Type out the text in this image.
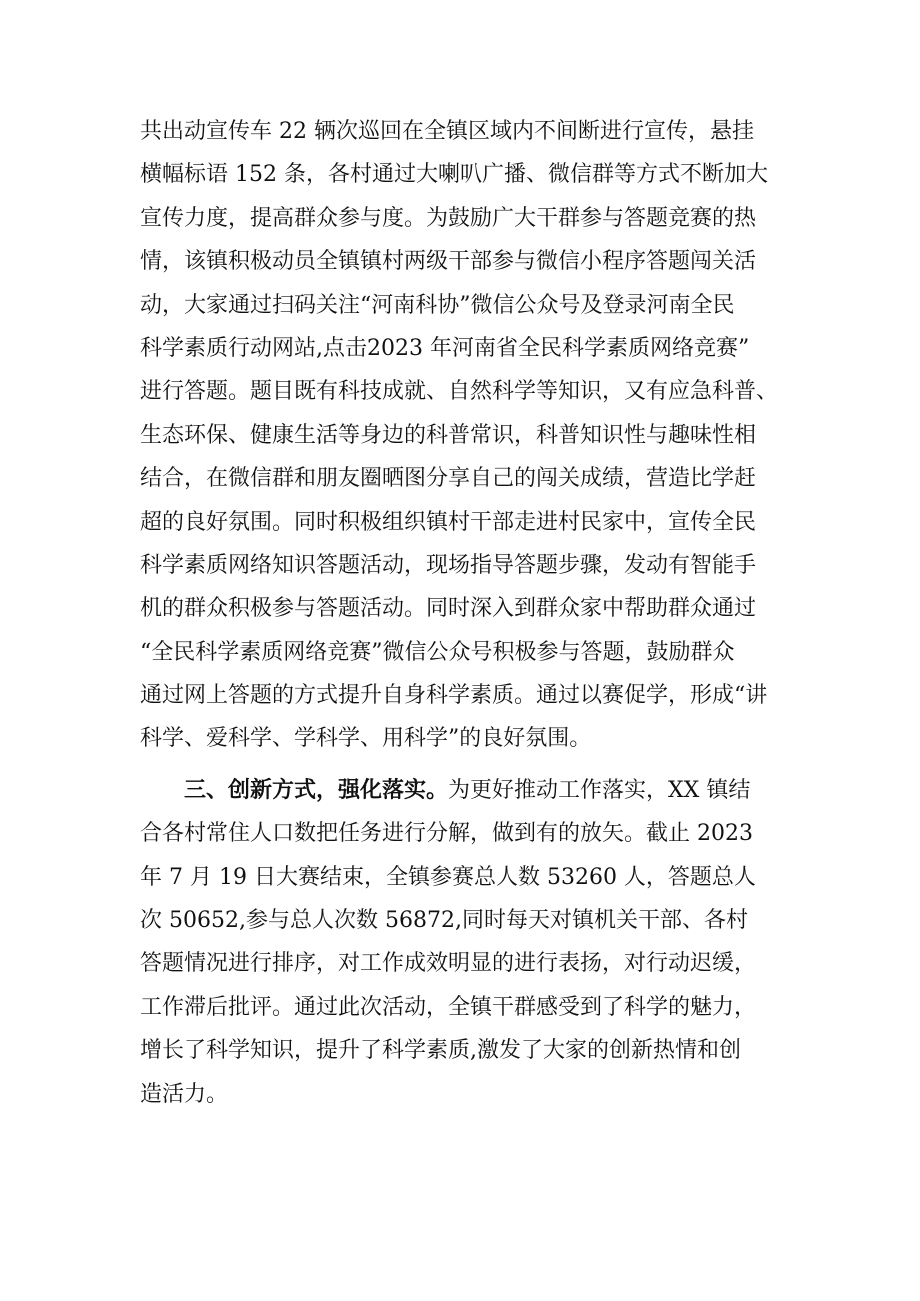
共出动宣传车 22 辆次巡回在全镇区域内不间断进行宣传，悬挂
横幅标语 152 条，各村通过大喇叭广播、微信群等方式不断加大
宣传力度，提高群众参与度。为鼓励广大干群参与答题竞赛的热
情，该镇积极动员全镇镇村两级干部参与微信小程序答题闯关活
动，大家通过扫码关注“河南科协”微信公众号及登录河南全民
科学素质行动网站,点击2023 年河南省全民科学素质网络竞赛”
进行答题。题目既有科技成就、自然科学等知识，又有应急科普、
生态环保、健康生活等身边的科普常识，科普知识性与趣味性相
结合，在微信群和朋友圈晒图分享自己的闯关成绩，营造比学赶
超的良好氛围。同时积极组织镇村干部走进村民家中，宣传全民
科学素质网络知识答题活动，现场指导答题步骤，发动有智能手
机的群众积极参与答题活动。同时深入到群众家中帮助群众通过
“全民科学素质网络竞赛”微信公众号积极参与答题，鼓励群众
通过网上答题的方式提升自身科学素质。通过以赛促学，形成“讲
科学、爱科学、学科学、用科学”的良好氛围。
三、创新方式，强化落实。为更好推动工作落实，XX 镇结
合各村常住人口数把任务进行分解，做到有的放矢。截止 2023
年 7 月 19 日大赛结束，全镇参赛总人数 53260 人，答题总人
次 50652,参与总人次数 56872,同时每天对镇机关干部、各村
答题情况进行排序，对工作成效明显的进行表扬，对行动迟缓，
工作滞后批评。通过此次活动，全镇干群感受到了科学的魅力，
增长了科学知识，提升了科学素质,激发了大家的创新热情和创
造活力。
